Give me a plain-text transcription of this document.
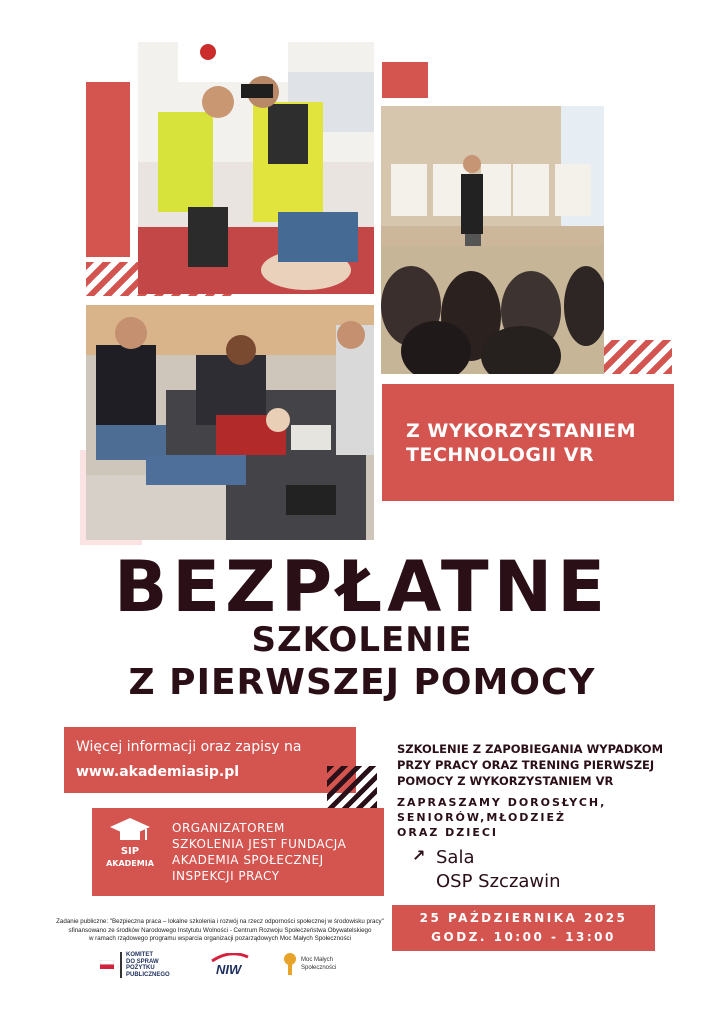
Z WYKORZYSTANIEM
TECHNOLOGII VR
BEZPŁATNE
SZKOLENIE
Z PIERWSZEJ POMOCY
Więcej informacji oraz zapisy na
www.akademiasip.pl
SIP
AKADEMIA
ORGANIZATOREM
SZKOLENIA JEST FUNDACJA
AKADEMIA SPOŁECZNEJ
INSPEKCJI PRACY
SZKOLENIE Z ZAPOBIEGANIA WYPADKOM
PRZY PRACY ORAZ TRENING PIERWSZEJ
POMOCY Z WYKORZYSTANIEM VR
ZAPRASZAMY DOROSŁYCH,
SENIORÓW,MŁODZIEŻ
ORAZ DZIECI
↗ Sala
OSP Szczawin
25 PAŹDZIERNIKA 2025
GODZ. 10:00 - 13:00
Zadanie publiczne: "Bezpieczna praca – lokalne szkolenia i rozwój na rzecz odporności społecznej w środowisku pracy"
sfinansowano ze środków Narodowego Instytutu Wolności - Centrum Rozwoju Społeczeństwa Obywatelskiego
w ramach rządowego programu wsparcia organizacji pozarządowych Moc Małych Społeczności
KOMITET
DO SPRAW
POŻYTKU
PUBLICZNEGO	NIW
Moc Małych
Społeczności
